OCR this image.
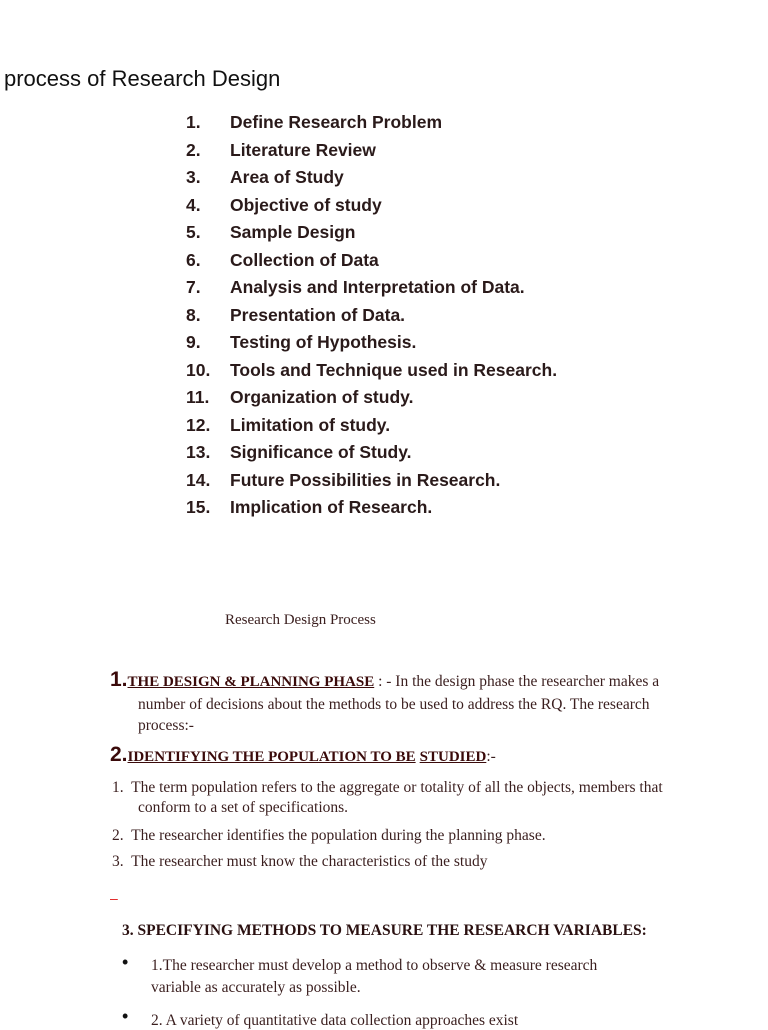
process of Research Design
1. Define Research Problem
2. Literature Review
3. Area of Study
4. Objective of study
5. Sample Design
6. Collection of Data
7. Analysis and Interpretation of Data.
8. Presentation of Data.
9. Testing of Hypothesis.
10. Tools and Technique used in Research.
11. Organization of study.
12. Limitation of study.
13. Significance of Study.
14. Future Possibilities in Research.
15. Implication of Research.
Research Design Process
1.THE DESIGN & PLANNING PHASE : - In the design phase the researcher makes a
number of decisions about the methods to be used to address the RQ. The research
process:-
2.IDENTIFYING THE POPULATION TO BE STUDIED:-
1. The term population refers to the aggregate or totality of all the objects, members that
conform to a set of specifications.
2. The researcher identifies the population during the planning phase.
3. The researcher must know the characteristics of the study
–
3. SPECIFYING METHODS TO MEASURE THE RESEARCH VARIABLES:
• 1.The researcher must develop a method to observe & measure research
variable as accurately as possible.
• 2. A variety of quantitative data collection approaches exist
